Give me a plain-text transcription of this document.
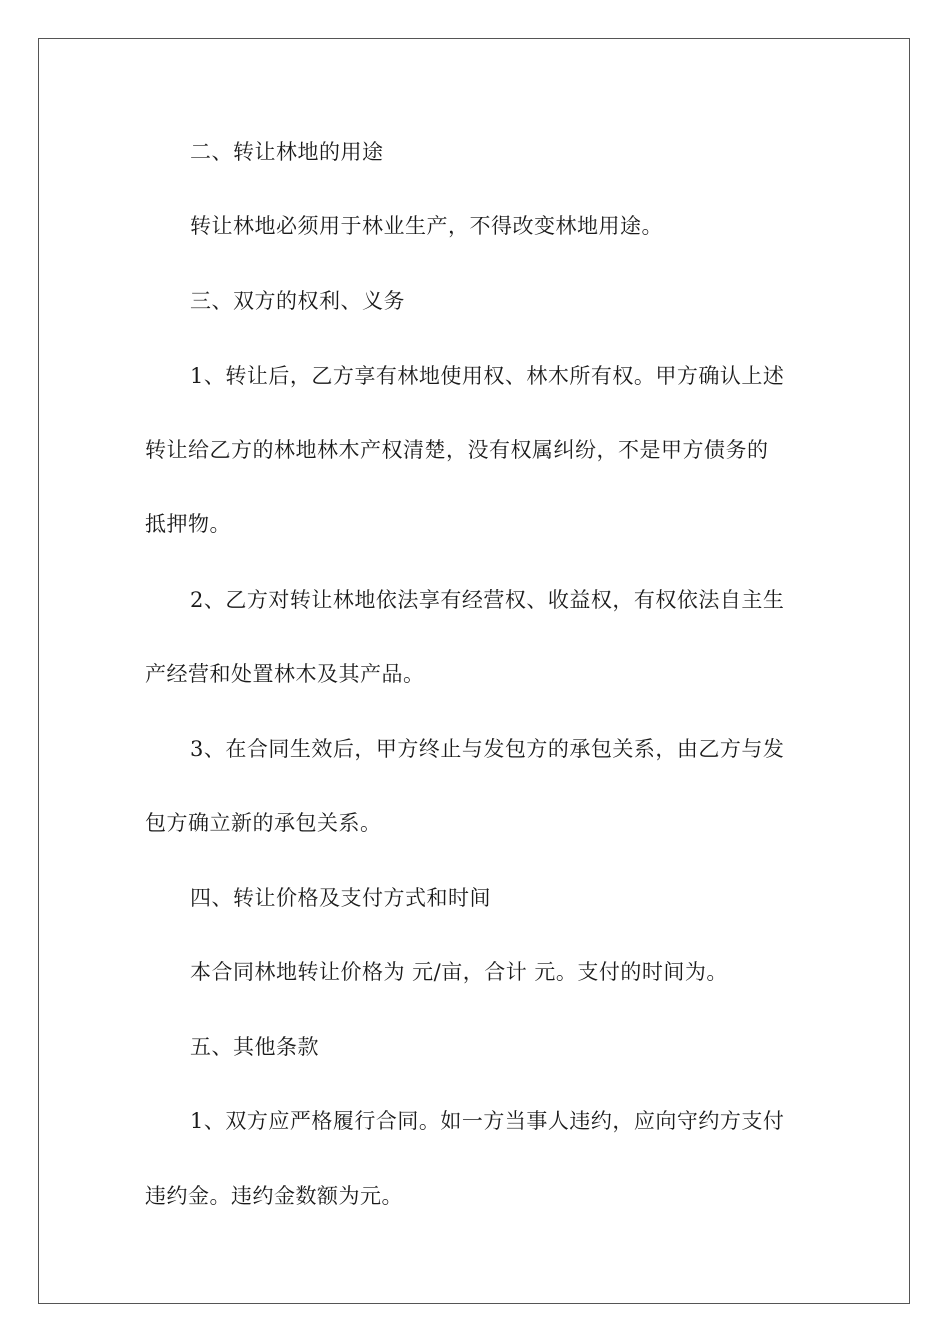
二、转让林地的用途
转让林地必须用于林业生产，不得改变林地用途。
三、双方的权利、义务
1、转让后，乙方享有林地使用权、林木所有权。甲方确认上述
转让给乙方的林地林木产权清楚，没有权属纠纷，不是甲方债务的
抵押物。
2、乙方对转让林地依法享有经营权、收益权，有权依法自主生
产经营和处置林木及其产品。
3、在合同生效后，甲方终止与发包方的承包关系，由乙方与发
包方确立新的承包关系。
四、转让价格及支付方式和时间
本合同林地转让价格为 元/亩，合计 元。支付的时间为。
五、其他条款
1、双方应严格履行合同。如一方当事人违约，应向守约方支付
违约金。违约金数额为元。
